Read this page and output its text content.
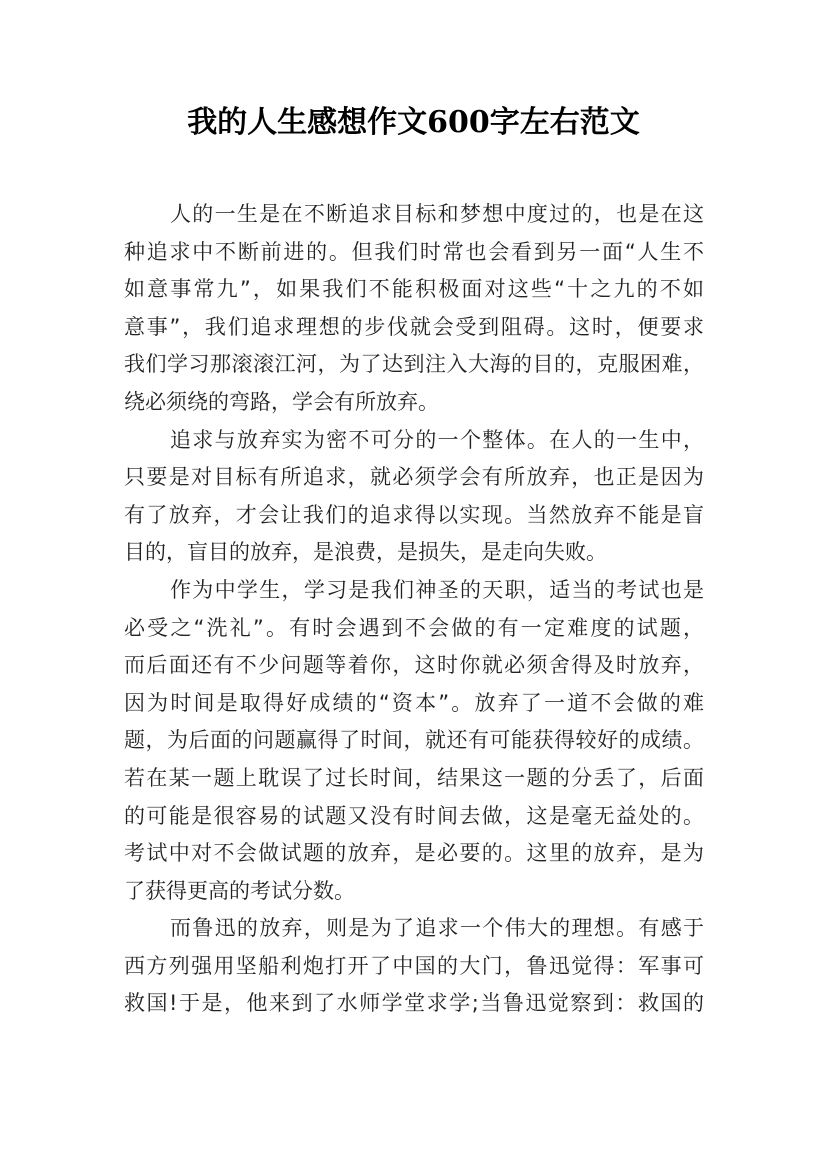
我的人生感想作文600字左右范文
人的一生是在不断追求目标和梦想中度过的，也是在这
种追求中不断前进的。但我们时常也会看到另一面“人生不
如意事常九”，如果我们不能积极面对这些“十之九的不如
意事”，我们追求理想的步伐就会受到阻碍。这时，便要求
我们学习那滚滚江河，为了达到注入大海的目的，克服困难，
绕必须绕的弯路，学会有所放弃。
追求与放弃实为密不可分的一个整体。在人的一生中，
只要是对目标有所追求，就必须学会有所放弃，也正是因为
有了放弃，才会让我们的追求得以实现。当然放弃不能是盲
目的，盲目的放弃，是浪费，是损失，是走向失败。
作为中学生，学习是我们神圣的天职，适当的考试也是
必受之“洗礼”。有时会遇到不会做的有一定难度的试题，
而后面还有不少问题等着你，这时你就必须舍得及时放弃，
因为时间是取得好成绩的“资本”。放弃了一道不会做的难
题，为后面的问题赢得了时间，就还有可能获得较好的成绩。
若在某一题上耽误了过长时间，结果这一题的分丢了，后面
的可能是很容易的试题又没有时间去做，这是毫无益处的。
考试中对不会做试题的放弃，是必要的。这里的放弃，是为
了获得更高的考试分数。
而鲁迅的放弃，则是为了追求一个伟大的理想。有感于
西方列强用坚船利炮打开了中国的大门，鲁迅觉得：军事可
救国!于是，他来到了水师学堂求学;当鲁迅觉察到：救国的
